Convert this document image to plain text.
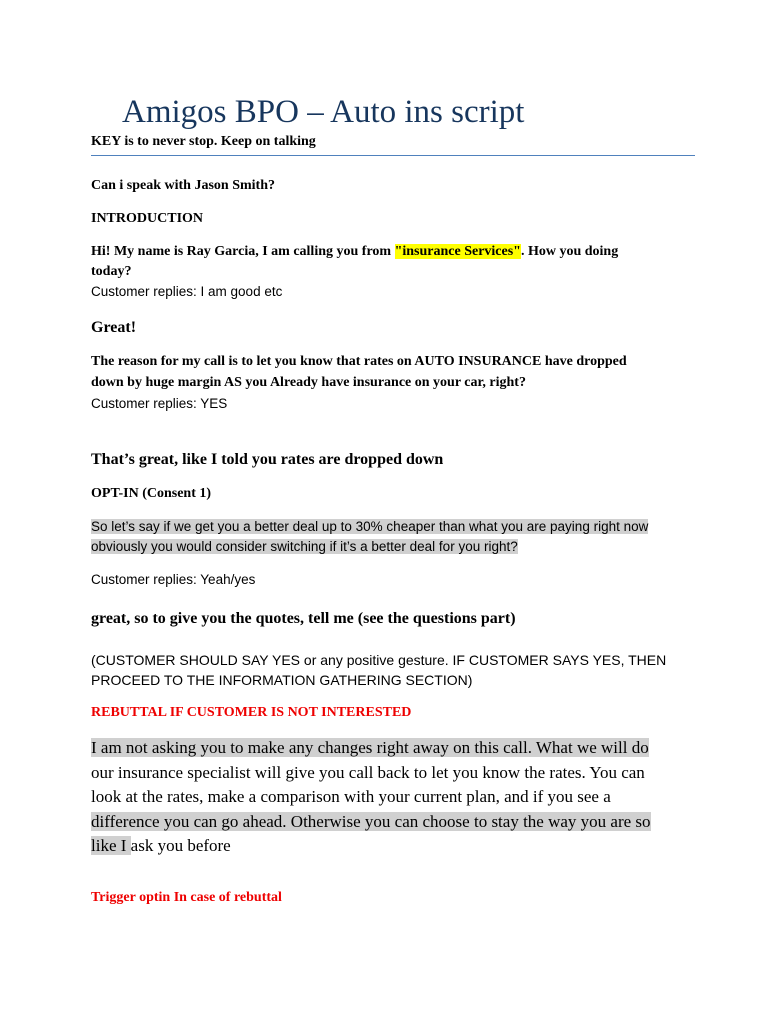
Amigos BPO – Auto ins script
KEY is to never stop. Keep on talking
Can i speak with Jason Smith?
INTRODUCTION
Hi! My name is Ray Garcia, I am calling you from "insurance Services". How you doing
today?
Customer replies: I am good etc
Great!
The reason for my call is to let you know that rates on AUTO INSURANCE have dropped
down by huge margin AS you Already have insurance on your car, right?
Customer replies: YES
That’s great, like I told you rates are dropped down
OPT-IN (Consent 1)
So let’s say if we get you a better deal up to 30% cheaper than what you are paying right now
obviously you would consider switching if it’s a better deal for you right?
Customer replies: Yeah/yes
great, so to give you the quotes, tell me (see the questions part)
(CUSTOMER SHOULD SAY YES or any positive gesture. IF CUSTOMER SAYS YES, THEN
PROCEED TO THE INFORMATION GATHERING SECTION)
REBUTTAL IF CUSTOMER IS NOT INTERESTED
I am not asking you to make any changes right away on this call. What we will do
our insurance specialist will give you call back to let you know the rates. You can
look at the rates, make a comparison with your current plan, and if you see a
difference you can go ahead. Otherwise you can choose to stay the way you are so
like I ask you before
Trigger optin In case of rebuttal
